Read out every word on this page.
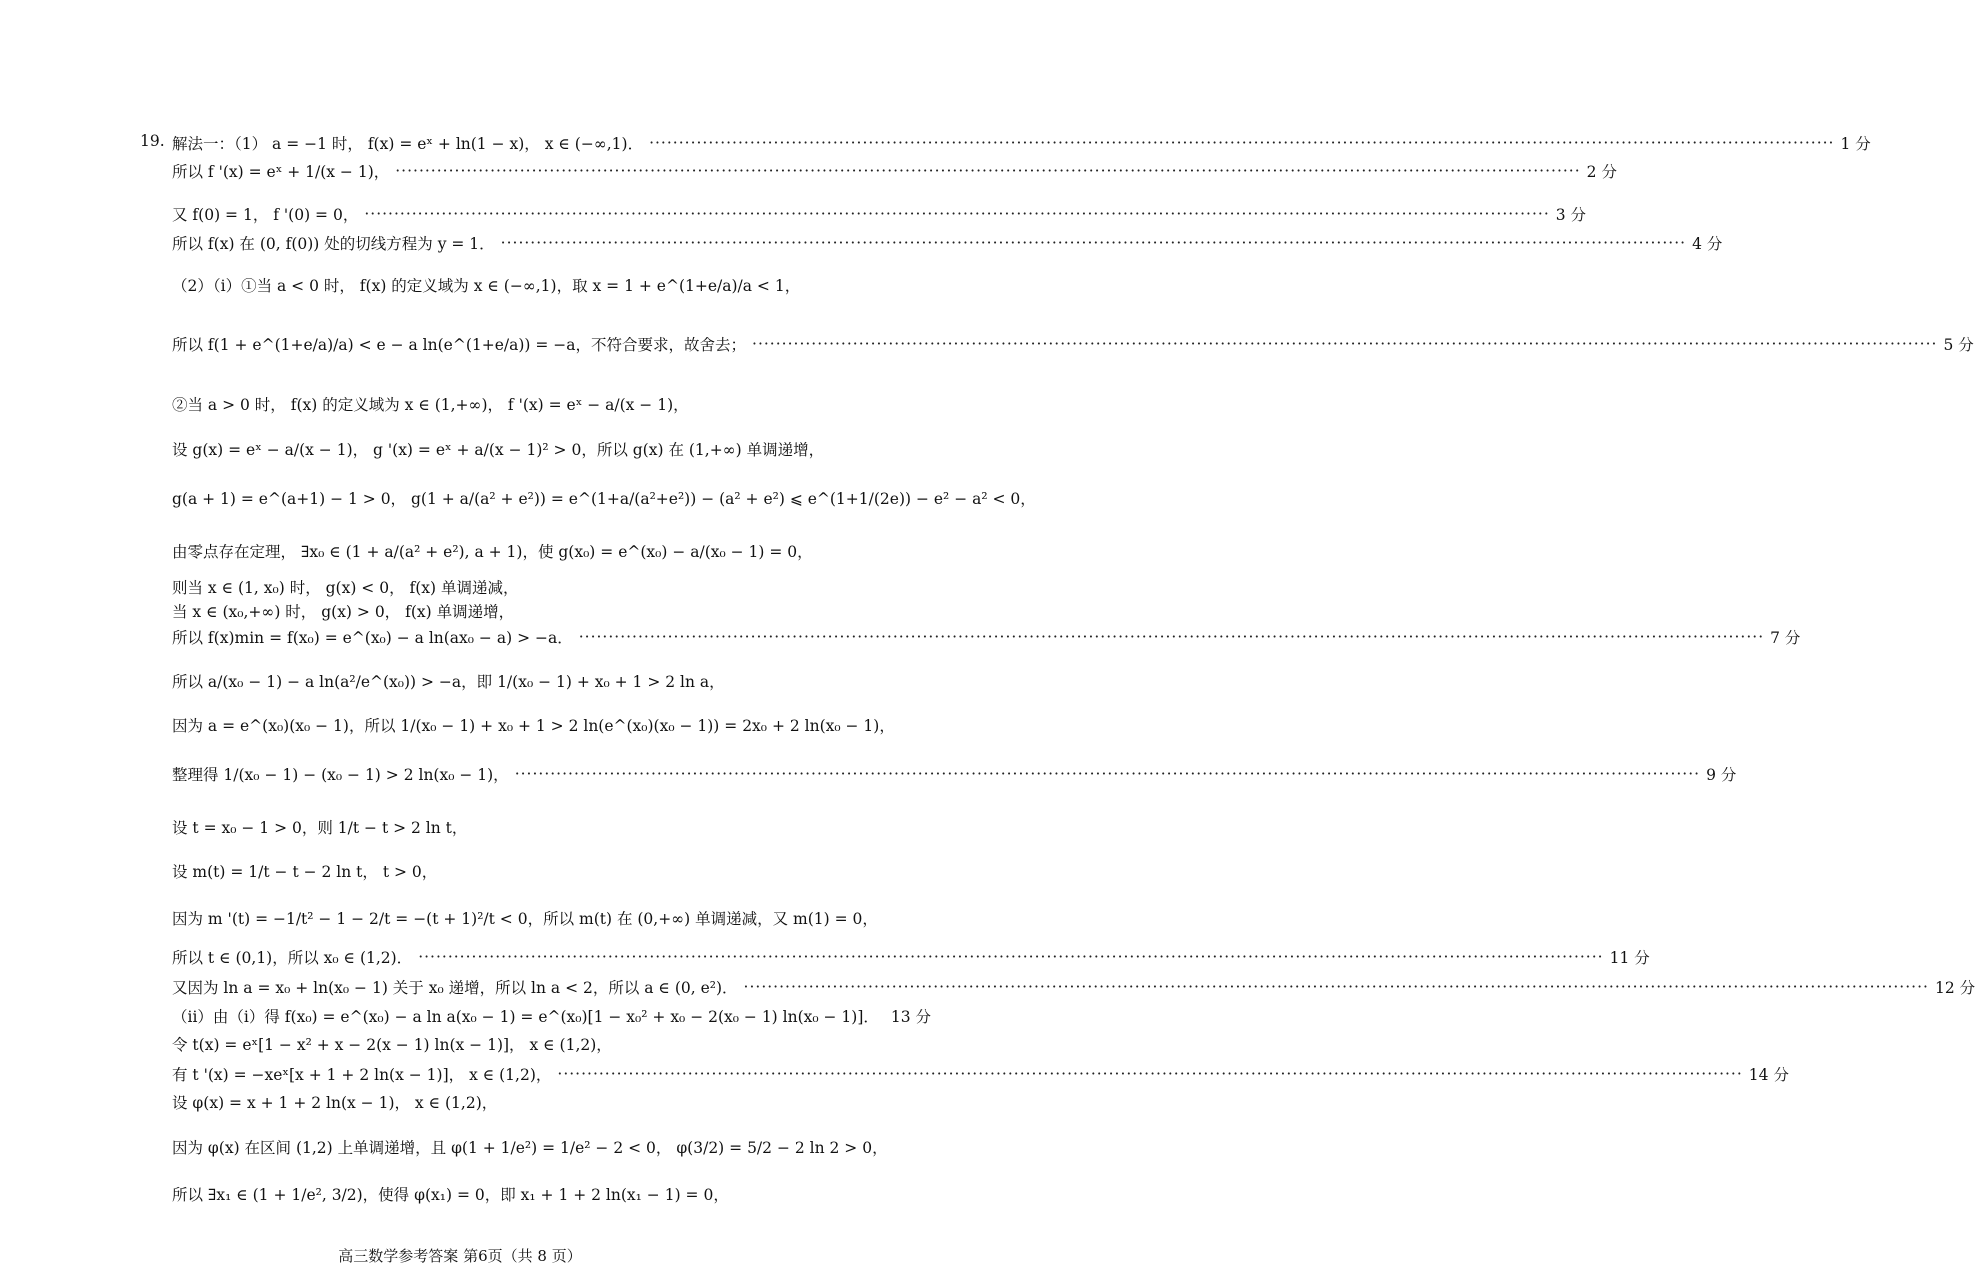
19. 解法一：（1） a = −1 时， f(x) = eˣ + ln(1 − x)， x ∈ (−∞,1)． ········································································································································································································ 1 分
所以 f '(x) = eˣ + 1/(x − 1)， ········································································································································································································ 2 分
又 f(0) = 1， f '(0) = 0， ········································································································································································································ 3 分
所以 f(x) 在 (0, f(0)) 处的切线方程为 y = 1． ········································································································································································································ 4 分
（2）（i）①当 a < 0 时， f(x) 的定义域为 x ∈ (−∞,1)，取 x = 1 + e^(1+e/a)/a < 1，
所以 f(1 + e^(1+e/a)/a) < e − a ln(e^(1+e/a)) = −a，不符合要求，故舍去； ········································································································································································································ 5 分
②当 a > 0 时， f(x) 的定义域为 x ∈ (1,+∞)， f '(x) = eˣ − a/(x − 1)，
设 g(x) = eˣ − a/(x − 1)， g '(x) = eˣ + a/(x − 1)² > 0，所以 g(x) 在 (1,+∞) 单调递增，
g(a + 1) = e^(a+1) − 1 > 0， g(1 + a/(a² + e²)) = e^(1+a/(a²+e²)) − (a² + e²) ⩽ e^(1+1/(2e)) − e² − a² < 0，
由零点存在定理， ∃x₀ ∈ (1 + a/(a² + e²), a + 1)，使 g(x₀) = e^(x₀) − a/(x₀ − 1) = 0，
则当 x ∈ (1, x₀) 时， g(x) < 0， f(x) 单调递减，
当 x ∈ (x₀,+∞) 时， g(x) > 0， f(x) 单调递增，
所以 f(x)min = f(x₀) = e^(x₀) − a ln(ax₀ − a) > −a． ········································································································································································································ 7 分
所以 a/(x₀ − 1) − a ln(a²/e^(x₀)) > −a，即 1/(x₀ − 1) + x₀ + 1 > 2 ln a，
因为 a = e^(x₀)(x₀ − 1)，所以 1/(x₀ − 1) + x₀ + 1 > 2 ln(e^(x₀)(x₀ − 1)) = 2x₀ + 2 ln(x₀ − 1)，
整理得 1/(x₀ − 1) − (x₀ − 1) > 2 ln(x₀ − 1)， ········································································································································································································ 9 分
设 t = x₀ − 1 > 0，则 1/t − t > 2 ln t，
设 m(t) = 1/t − t − 2 ln t， t > 0，
因为 m '(t) = −1/t² − 1 − 2/t = −(t + 1)²/t < 0，所以 m(t) 在 (0,+∞) 单调递减，又 m(1) = 0，
所以 t ∈ (0,1)，所以 x₀ ∈ (1,2)． ········································································································································································································ 11 分
又因为 ln a = x₀ + ln(x₀ − 1) 关于 x₀ 递增，所以 ln a < 2，所以 a ∈ (0, e²)． ········································································································································································································ 12 分
（ii）由（i）得 f(x₀) = e^(x₀) − a ln a(x₀ − 1) = e^(x₀)[1 − x₀² + x₀ − 2(x₀ − 1) ln(x₀ − 1)]． 13 分
令 t(x) = eˣ[1 − x² + x − 2(x − 1) ln(x − 1)]， x ∈ (1,2)，
有 t '(x) = −xeˣ[x + 1 + 2 ln(x − 1)]， x ∈ (1,2)， ········································································································································································································ 14 分
设 φ(x) = x + 1 + 2 ln(x − 1)， x ∈ (1,2)，
因为 φ(x) 在区间 (1,2) 上单调递增，且 φ(1 + 1/e²) = 1/e² − 2 < 0， φ(3/2) = 5/2 − 2 ln 2 > 0，
所以 ∃x₁ ∈ (1 + 1/e², 3/2)，使得 φ(x₁) = 0，即 x₁ + 1 + 2 ln(x₁ − 1) = 0，
高三数学参考答案 第6页（共 8 页）
